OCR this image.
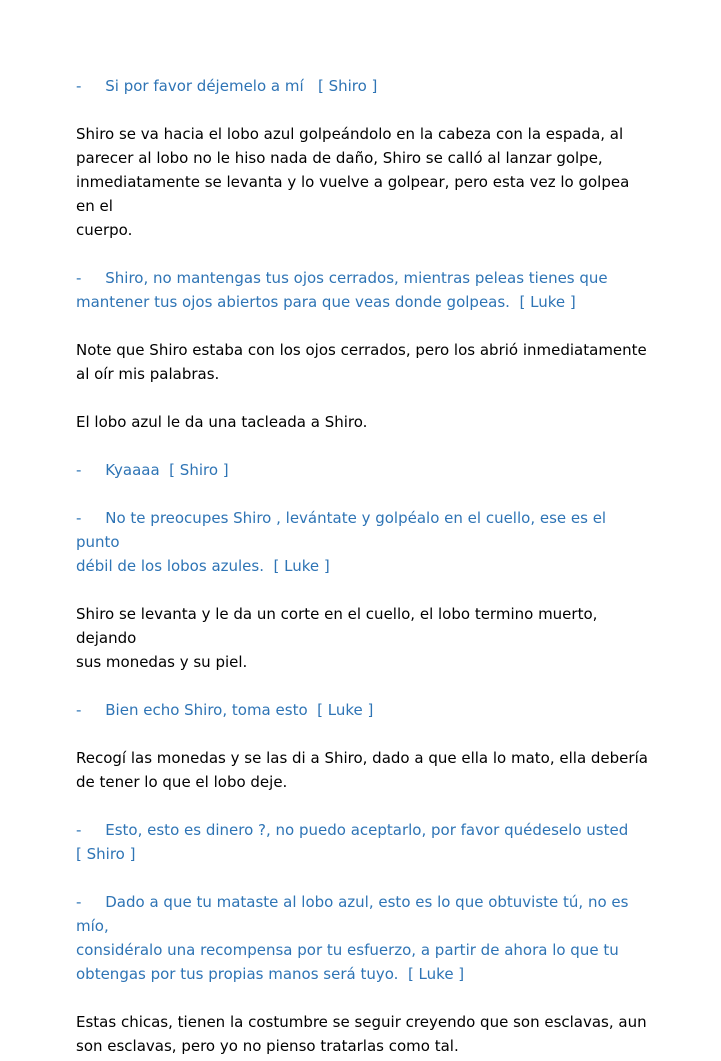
-     Si por favor déjemelo a mí   [ Shiro ]
Shiro se va hacia el lobo azul golpeándolo en la cabeza con la espada, al
parecer al lobo no le hiso nada de daño, Shiro se calló al lanzar golpe,
inmediatamente se levanta y lo vuelve a golpear, pero esta vez lo golpea en el
cuerpo.
-     Shiro, no mantengas tus ojos cerrados, mientras peleas tienes que
mantener tus ojos abiertos para que veas donde golpeas.  [ Luke ]
Note que Shiro estaba con los ojos cerrados, pero los abrió inmediatamente
al oír mis palabras.
El lobo azul le da una tacleada a Shiro.
-     Kyaaaa  [ Shiro ]
-     No te preocupes Shiro , levántate y golpéalo en el cuello, ese es el punto
débil de los lobos azules.  [ Luke ]
Shiro se levanta y le da un corte en el cuello, el lobo termino muerto, dejando
sus monedas y su piel.
-     Bien echo Shiro, toma esto  [ Luke ]
Recogí las monedas y se las di a Shiro, dado a que ella lo mato, ella debería
de tener lo que el lobo deje.
-     Esto, esto es dinero ?, no puedo aceptarlo, por favor quédeselo usted
[ Shiro ]
-     Dado a que tu mataste al lobo azul, esto es lo que obtuviste tú, no es mío,
considéralo una recompensa por tu esfuerzo, a partir de ahora lo que tu
obtengas por tus propias manos será tuyo.  [ Luke ]
Estas chicas, tienen la costumbre se seguir creyendo que son esclavas, aun
son esclavas, pero yo no pienso tratarlas como tal.
